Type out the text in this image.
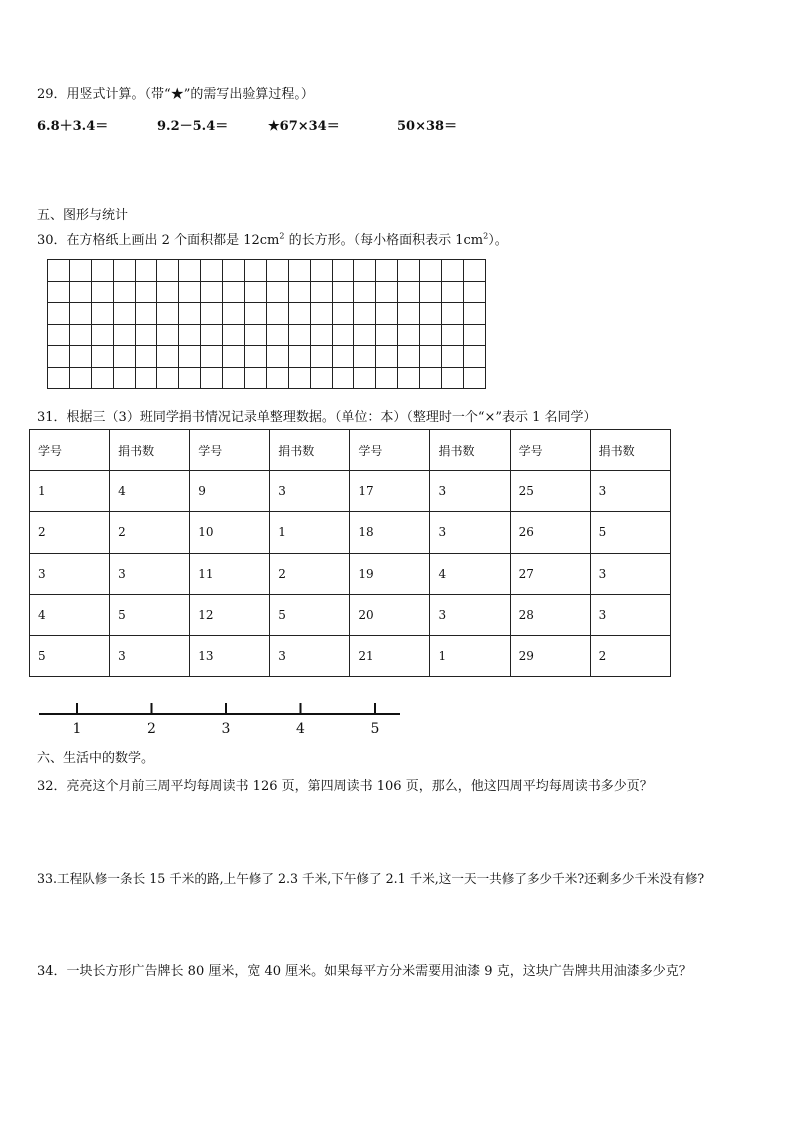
29．用竖式计算。（带“★”的需写出验算过程。）
6.8＋3.4＝	9.2－5.4＝	★67×34＝	50×38＝
五、图形与统计
30．在方格纸上画出 2 个面积都是 $12cm^2$ 的长方形。（每小格面积表示 $1cm^2$）。

31．根据三（3）班同学捐书情况记录单整理数据。（单位：本）（整理时一个“×”表示 1 名同学）
学号	捐书数	学号	捐书数	学号	捐书数	学号	捐书数
1	4	9	3	17	3	25	3
2	2	10	1	18	3	26	5
3	3	11	2	19	4	27	3
4	5	12	5	20	3	28	3
5	3	13	3	21	1	29	2
1	2	3	4	5
六、生活中的数学。
32．亮亮这个月前三周平均每周读书 126 页，第四周读书 106 页，那么，他这四周平均每周读书多少页？
33.工程队修一条长 15 千米的路,上午修了 2.3 千米,下午修了 2.1 千米,这一天一共修了多少千米?还剩多少千米没有修?
34．一块长方形广告牌长 80 厘米，宽 40 厘米。如果每平方分米需要用油漆 9 克，这块广告牌共用油漆多少克？
